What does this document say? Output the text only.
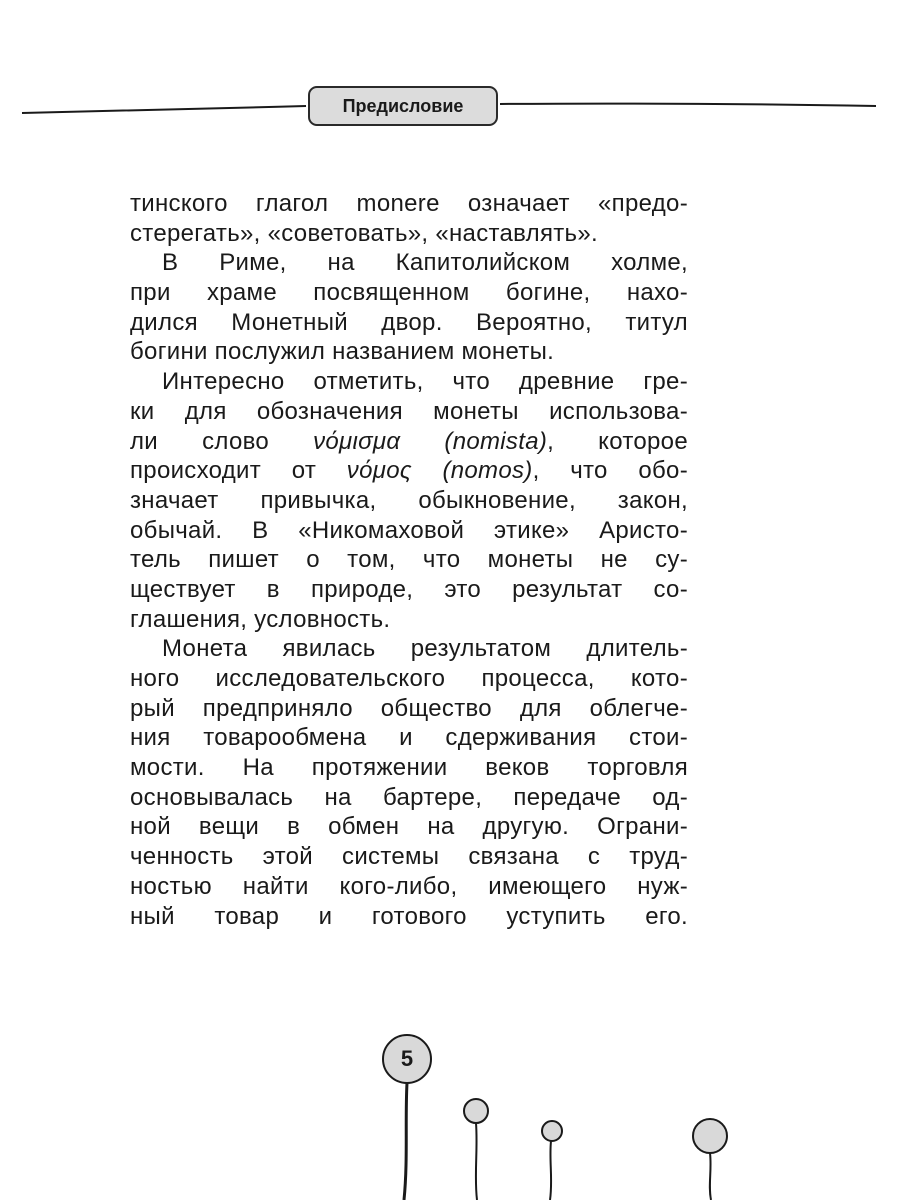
Предисловие
тинского глагол monere означает «предо-
стерегать», «советовать», «наставлять».
В Риме, на Капитолийском холме,
при храме посвященном богине, нахо-
дился Монетный двор. Вероятно, титул
богини послужил названием монеты.
Интересно отметить, что древние гре-
ки для обозначения монеты использова-
ли слово νόμισμα (nomista), которое
происходит от νόμος (nomos), что обо-
значает привычка, обыкновение, закон,
обычай. В «Никомаховой этике» Аристо-
тель пишет о том, что монеты не су-
ществует в природе, это результат со-
глашения, условность.
Монета явилась результатом длитель-
ного исследовательского процесса, кото-
рый предприняло общество для облегче-
ния товарообмена и сдерживания стои-
мости. На протяжении веков торговля
основывалась на бартере, передаче од-
ной вещи в обмен на другую. Ограни-
ченность этой системы связана с труд-
ностью найти кого-либо, имеющего нуж-
ный товар и готового уступить его.
5
